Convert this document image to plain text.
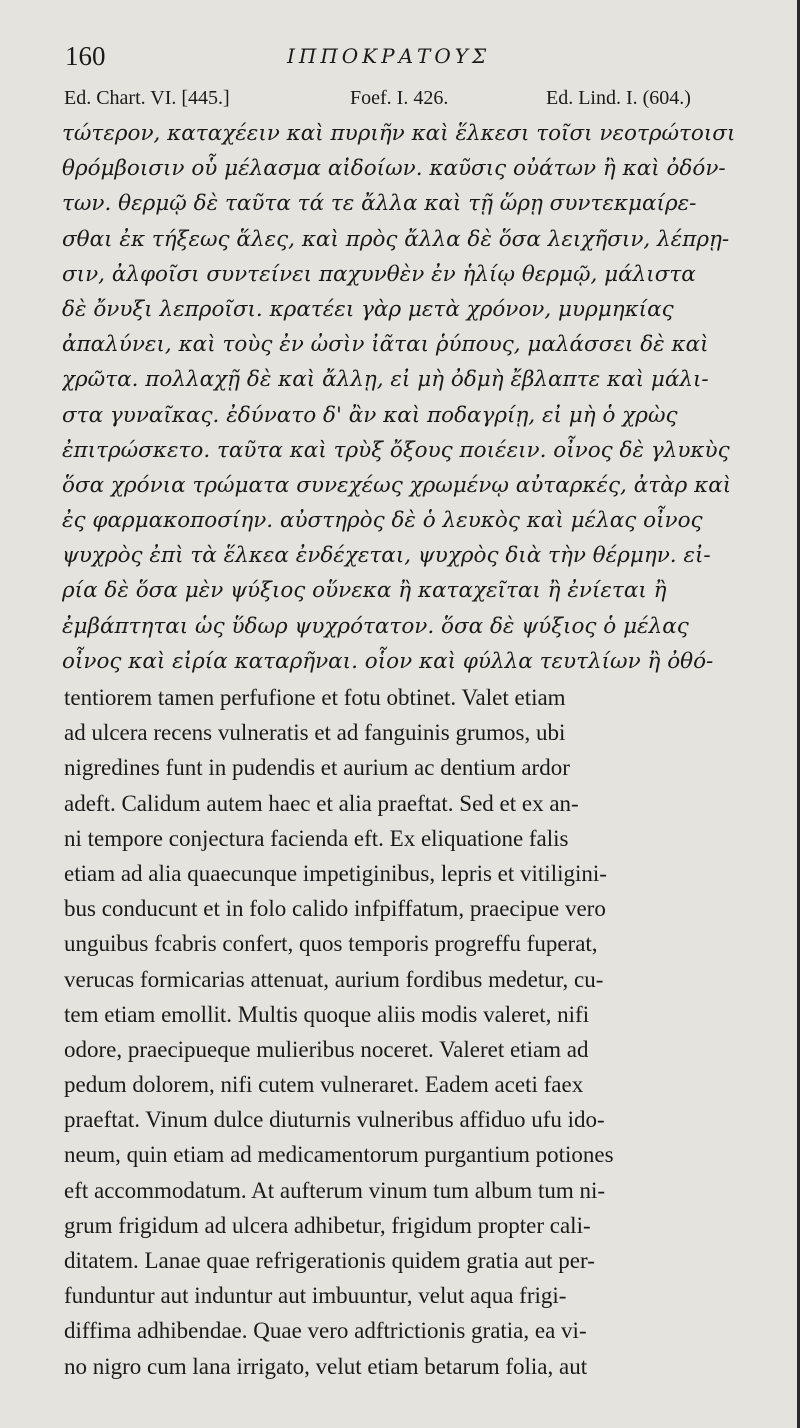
160	ΙΠΠΟΚΡΑΤΟΥΣ
Ed. Chart. VI. [445.]	Foef. I. 426.	Ed. Lind. I. (604.)
τώτερον, καταχέειν καὶ πυριῆν καὶ ἕλκεσι τοῖσι νεοτρώτοισι
θρόμβοισιν οὗ μέλασμα αἰδοίων. καῦσις οὐάτων ἢ καὶ ὀδόν-
των. θερμῷ δὲ ταῦτα τά τε ἄλλα καὶ τῇ ὥρῃ συντεκμαίρε-
σθαι ἐκ τήξεως ἅλες, καὶ πρὸς ἄλλα δὲ ὅσα λειχῆσιν, λέπρῃ-
σιν, ἀλφοῖσι συντείνει παχυνθὲν ἐν ἡλίῳ θερμῷ, μάλιστα
δὲ ὄνυξι λεπροῖσι. κρατέει γὰρ μετὰ χρόνον, μυρμηκίας
ἀπαλύνει, καὶ τοὺς ἐν ὠσὶν ἰᾶται ῥύπους, μαλάσσει δὲ καὶ
χρῶτα. πολλαχῇ δὲ καὶ ἄλλῃ, εἰ μὴ ὀδμὴ ἔβλαπτε καὶ μάλι-
στα γυναῖκας. ἐδύνατο δ' ἂν καὶ ποδαγρίῃ, εἰ μὴ ὁ χρὼς
ἐπιτρώσκετο. ταῦτα καὶ τρὺξ ὄξους ποιέειν. οἶνος δὲ γλυκὺς
ὅσα χρόνια τρώματα συνεχέως χρωμένῳ αὐταρκές, ἀτὰρ καὶ
ἐς φαρμακοποσίην. αὐστηρὸς δὲ ὁ λευκὸς καὶ μέλας οἶνος
ψυχρὸς ἐπὶ τὰ ἕλκεα ἐνδέχεται, ψυχρὸς διὰ τὴν θέρμην. εἰ-
ρία δὲ ὅσα μὲν ψύξιος οὕνεκα ἢ καταχεῖται ἢ ἐνίεται ἢ
ἐμβάπτηται ὡς ὕδωρ ψυχρότατον. ὅσα δὲ ψύξιος ὁ μέλας
οἶνος καὶ εἰρία καταρῆναι. οἷον καὶ φύλλα τευτλίων ἢ ὀθό-
tentiorem tamen perfufione et fotu obtinet. Valet etiam
ad ulcera recens vulneratis et ad fanguinis grumos, ubi
nigredines funt in pudendis et aurium ac dentium ardor
adeft. Calidum autem haec et alia praeftat. Sed et ex an-
ni tempore conjectura facienda eft. Ex eliquatione falis
etiam ad alia quaecunque impetiginibus, lepris et vitiligini-
bus conducunt et in folo calido infpiffatum, praecipue vero
unguibus fcabris confert, quos temporis progreffu fuperat,
verucas formicarias attenuat, aurium fordibus medetur, cu-
tem etiam emollit. Multis quoque aliis modis valeret, nifi
odore, praecipueque mulieribus noceret. Valeret etiam ad
pedum dolorem, nifi cutem vulneraret. Eadem aceti faex
praeftat. Vinum dulce diuturnis vulneribus affiduo ufu ido-
neum, quin etiam ad medicamentorum purgantium potiones
eft accommodatum. At aufterum vinum tum album tum ni-
grum frigidum ad ulcera adhibetur, frigidum propter cali-
ditatem. Lanae quae refrigerationis quidem gratia aut per-
funduntur aut induntur aut imbuuntur, velut aqua frigi-
diffima adhibendae. Quae vero adftrictionis gratia, ea vi-
no nigro cum lana irrigato, velut etiam betarum folia, aut
